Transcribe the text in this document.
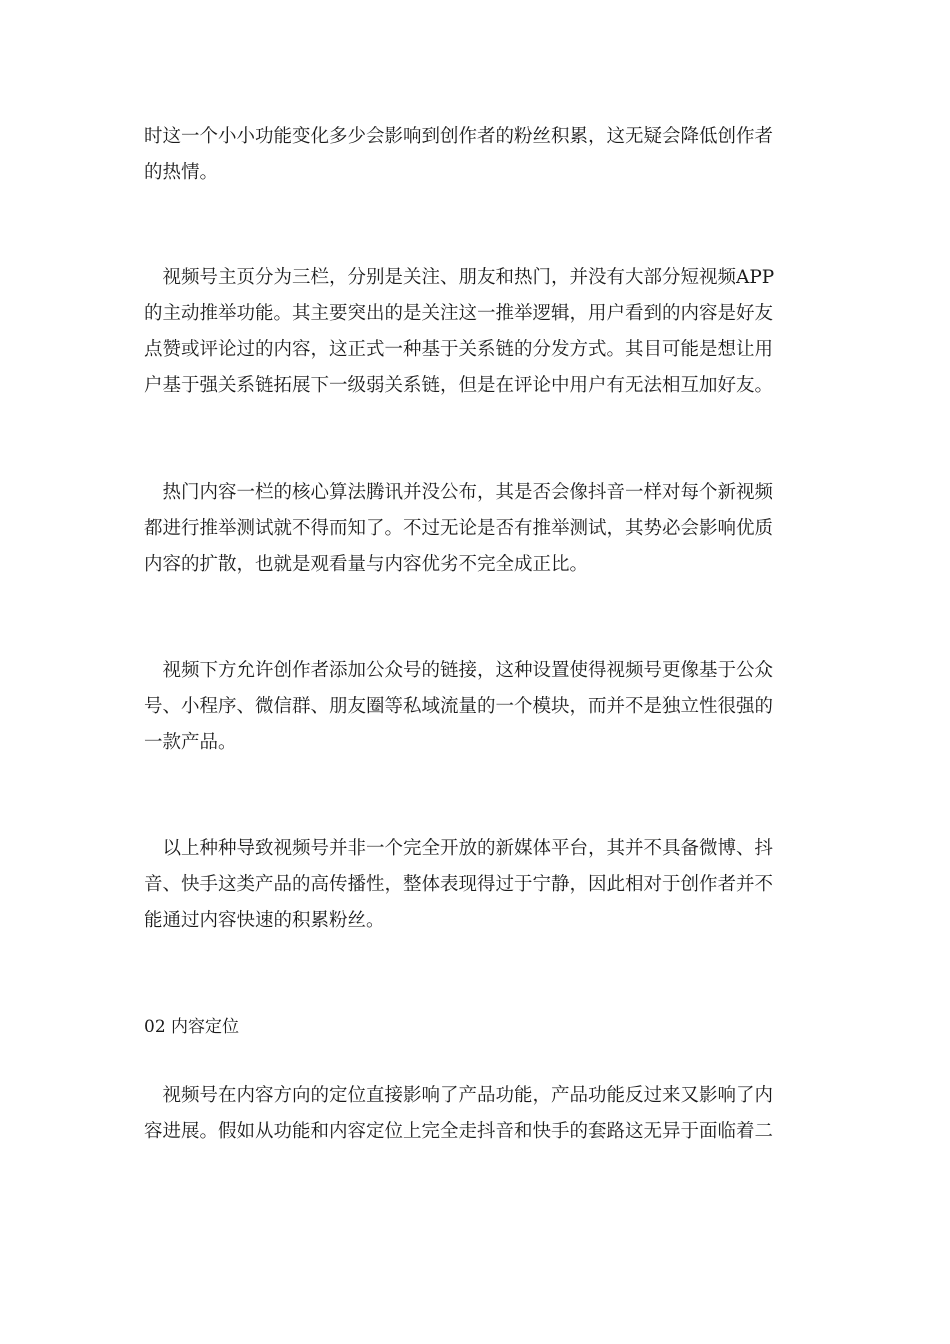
时这一个小小功能变化多少会影响到创作者的粉丝积累，这无疑会降低创作者

的热情。

　视频号主页分为三栏，分别是关注、朋友和热门，并没有大部分短视频APP

的主动推举功能。其主要突出的是关注这一推举逻辑，用户看到的内容是好友

点赞或评论过的内容，这正式一种基于关系链的分发方式。其目可能是想让用

户基于强关系链拓展下一级弱关系链，但是在评论中用户有无法相互加好友。

　热门内容一栏的核心算法腾讯并没公布，其是否会像抖音一样对每个新视频

都进行推举测试就不得而知了。不过无论是否有推举测试，其势必会影响优质

内容的扩散，也就是观看量与内容优劣不完全成正比。

　视频下方允许创作者添加公众号的链接，这种设置使得视频号更像基于公众

号、小程序、微信群、朋友圈等私域流量的一个模块，而并不是独立性很强的

一款产品。

　以上种种导致视频号并非一个完全开放的新媒体平台，其并不具备微博、抖

音、快手这类产品的高传播性，整体表现得过于宁静，因此相对于创作者并不

能通过内容快速的积累粉丝。

02 内容定位

　视频号在内容方向的定位直接影响了产品功能，产品功能反过来又影响了内

容进展。假如从功能和内容定位上完全走抖音和快手的套路这无异于面临着二
